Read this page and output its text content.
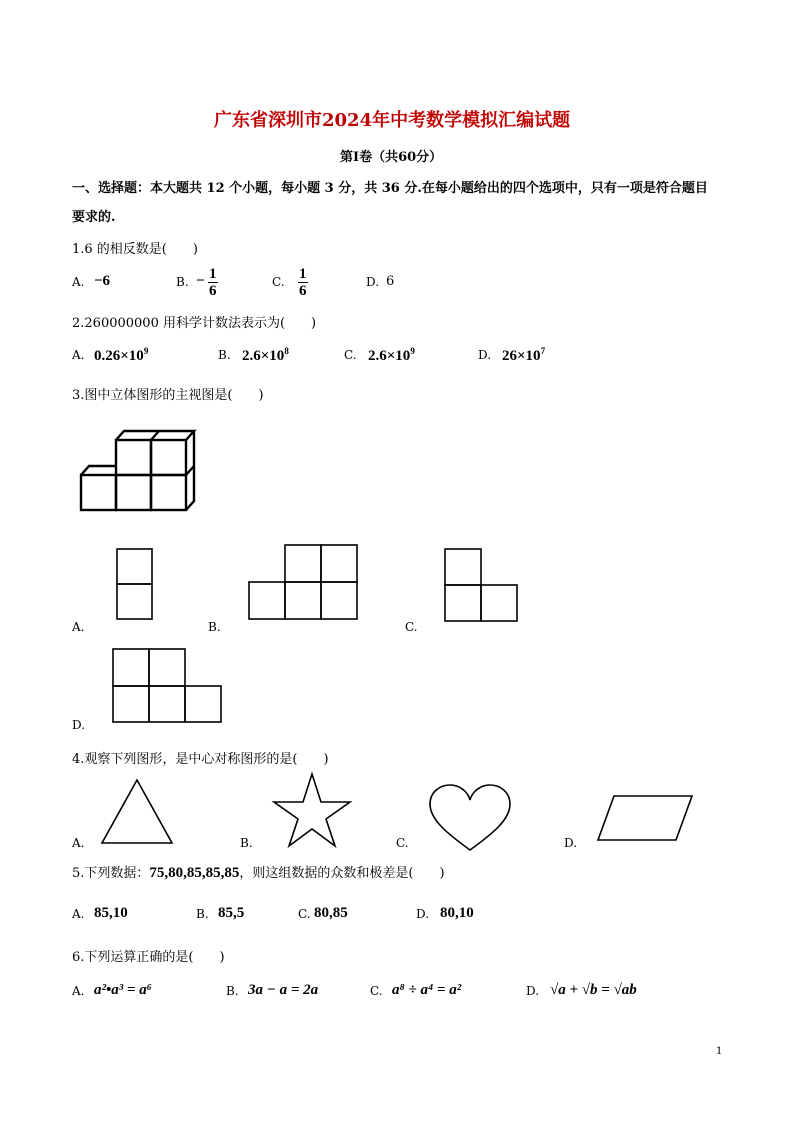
广东省深圳市2024年中考数学模拟汇编试题
第Ⅰ卷（共60分）
一、选择题：本大题共 12 个小题，每小题 3 分，共 36 分.在每小题给出的四个选项中，只有一项是符合题目
要求的.
1.6 的相反数是(　　)
A. −6	B. − $\frac{1}{6}$	C. $\frac{1}{6}$	D. 6
2.260000000 用科学计数法表示为(　　)
A. $0.26\times 10^9$	B. $2.6\times 10^8$	C. $2.6\times 10^9$	D. $26\times 10^7$
3.图中立体图形的主视图是(　　)
A.	B.	C.
D.
4.观察下列图形，是中心对称图形的是(　　)
A.	B.	C.	D.
5.下列数据：75,80,85,85,85，则这组数据的众数和极差是(　　)
A. 85,10	B. 85,5	C. 80,85	D. 80,10
6.下列运算正确的是(　　)
A. a²•a³ = a⁶	B. 3a − a = 2a	C. a⁸ ÷ a⁴ = a²	D. √a + √b = √ab
1
